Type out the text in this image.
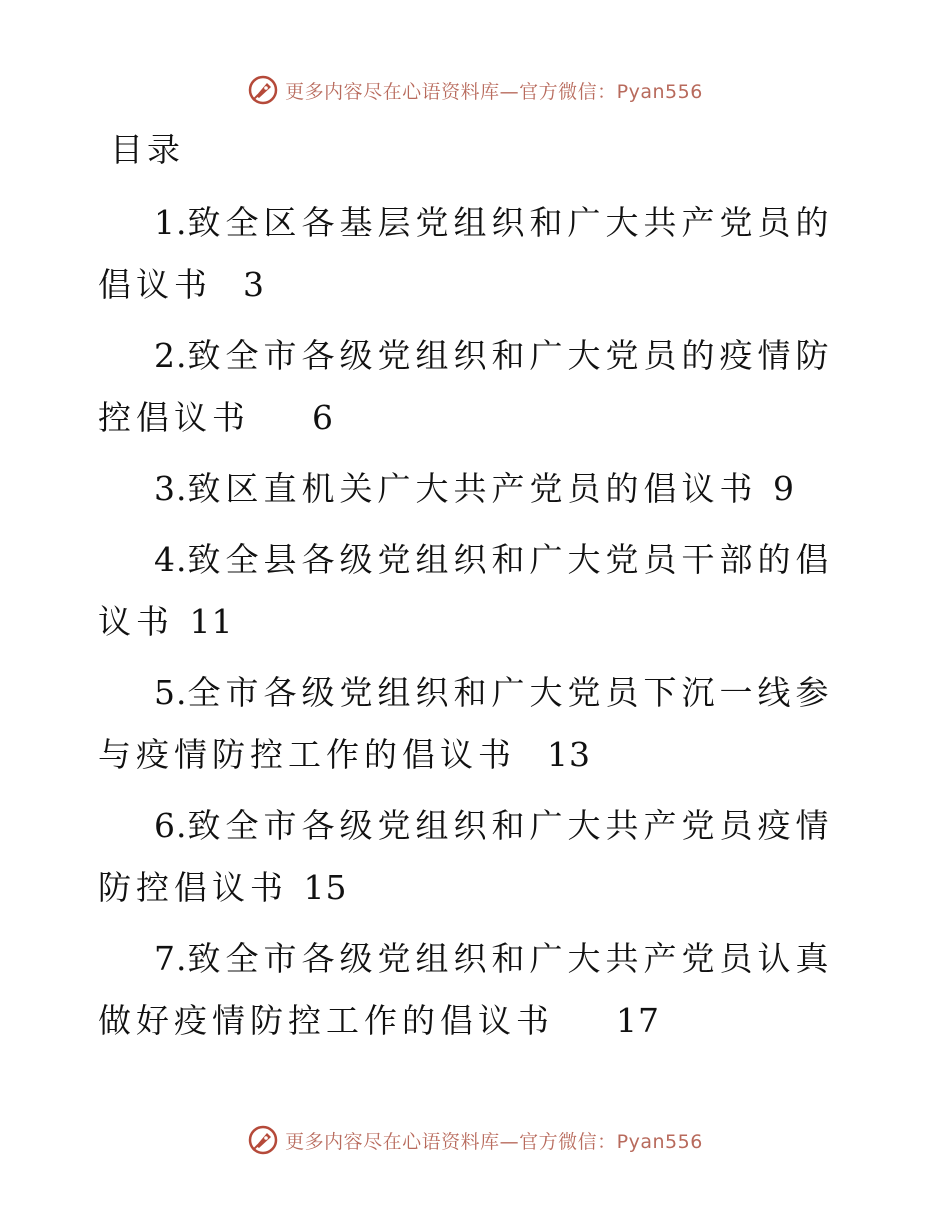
更多内容尽在心语资料库—官方微信：Pyan556
目录

1.致全区各基层党组织和广大共产党员的倡议书 3

2.致全市各级党组织和广大党员的疫情防控倡议书 6

3.致区直机关广大共产党员的倡议书 9

4.致全县各级党组织和广大党员干部的倡议书 11

5.全市各级党组织和广大党员下沉一线参与疫情防控工作的倡议书 13

6.致全市各级党组织和广大共产党员疫情防控倡议书 15

7.致全市各级党组织和广大共产党员认真做好疫情防控工作的倡议书 17

更多内容尽在心语资料库—官方微信：Pyan556
